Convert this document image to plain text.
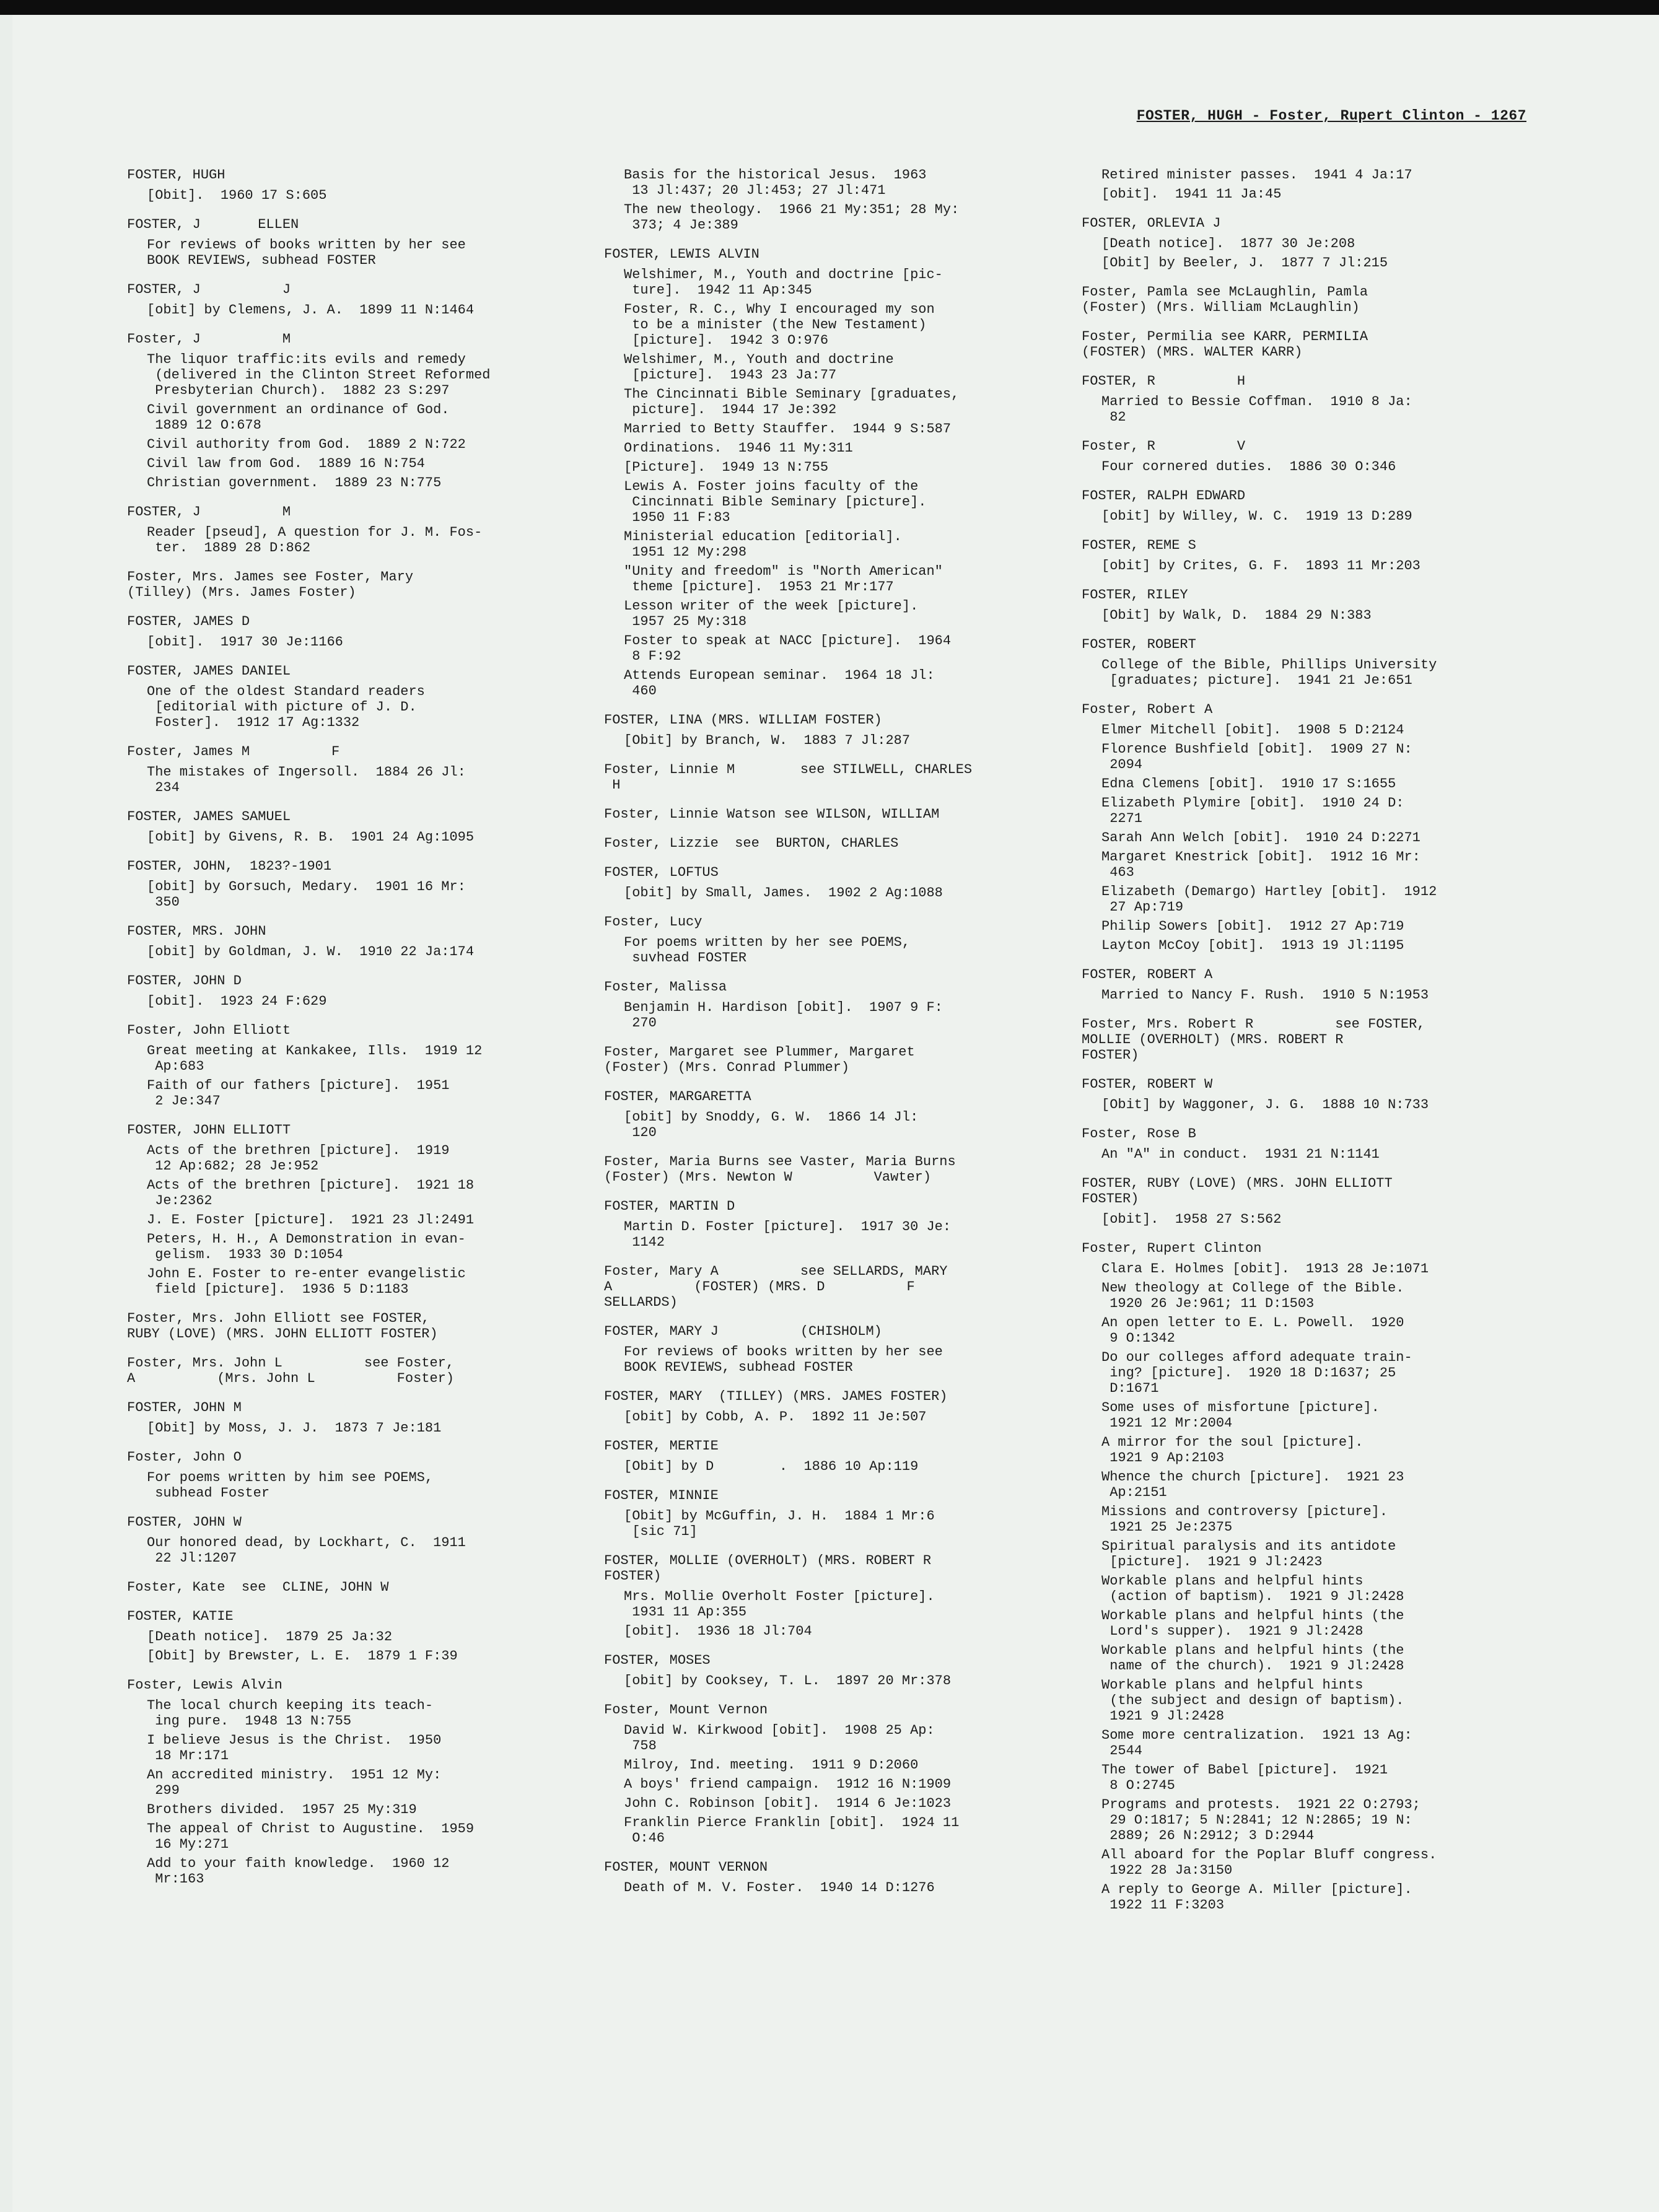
FOSTER, HUGH - Foster, Rupert Clinton - 1267
FOSTER, HUGH
[Obit].  1960 17 S:605
FOSTER, J       ELLEN
For reviews of books written by her see
BOOK REVIEWS, subhead FOSTER
FOSTER, J          J
[obit] by Clemens, J. A.  1899 11 N:1464
Foster, J          M
The liquor traffic:its evils and remedy
(delivered in the Clinton Street Reformed
Presbyterian Church).  1882 23 S:297
Civil government an ordinance of God.
1889 12 O:678
Civil authority from God.  1889 2 N:722
Civil law from God.  1889 16 N:754
Christian government.  1889 23 N:775
FOSTER, J          M
Reader [pseud], A question for J. M. Fos-
ter.  1889 28 D:862
Foster, Mrs. James see Foster, Mary
(Tilley) (Mrs. James Foster)
FOSTER, JAMES D
[obit].  1917 30 Je:1166
FOSTER, JAMES DANIEL
One of the oldest Standard readers
[editorial with picture of J. D.
Foster].  1912 17 Ag:1332
Foster, James M          F
The mistakes of Ingersoll.  1884 26 Jl:
234
FOSTER, JAMES SAMUEL
[obit] by Givens, R. B.  1901 24 Ag:1095
FOSTER, JOHN,  1823?-1901
[obit] by Gorsuch, Medary.  1901 16 Mr:
350
FOSTER, MRS. JOHN
[obit] by Goldman, J. W.  1910 22 Ja:174
FOSTER, JOHN D
[obit].  1923 24 F:629
Foster, John Elliott
Great meeting at Kankakee, Ills.  1919 12
Ap:683
Faith of our fathers [picture].  1951
2 Je:347
FOSTER, JOHN ELLIOTT
Acts of the brethren [picture].  1919
12 Ap:682; 28 Je:952
Acts of the brethren [picture].  1921 18
Je:2362
J. E. Foster [picture].  1921 23 Jl:2491
Peters, H. H., A Demonstration in evan-
gelism.  1933 30 D:1054
John E. Foster to re-enter evangelistic
field [picture].  1936 5 D:1183
Foster, Mrs. John Elliott see FOSTER,
RUBY (LOVE) (MRS. JOHN ELLIOTT FOSTER)
Foster, Mrs. John L          see Foster,
A          (Mrs. John L          Foster)
FOSTER, JOHN M
[Obit] by Moss, J. J.  1873 7 Je:181
Foster, John O
For poems written by him see POEMS,
subhead Foster
FOSTER, JOHN W
Our honored dead, by Lockhart, C.  1911
22 Jl:1207
Foster, Kate  see  CLINE, JOHN W
FOSTER, KATIE
[Death notice].  1879 25 Ja:32
[Obit] by Brewster, L. E.  1879 1 F:39
Foster, Lewis Alvin
The local church keeping its teach-
ing pure.  1948 13 N:755
I believe Jesus is the Christ.  1950
18 Mr:171
An accredited ministry.  1951 12 My:
299
Brothers divided.  1957 25 My:319
The appeal of Christ to Augustine.  1959
16 My:271
Add to your faith knowledge.  1960 12
Mr:163
Basis for the historical Jesus.  1963
13 Jl:437; 20 Jl:453; 27 Jl:471
The new theology.  1966 21 My:351; 28 My:
373; 4 Je:389
FOSTER, LEWIS ALVIN
Welshimer, M., Youth and doctrine [pic-
ture].  1942 11 Ap:345
Foster, R. C., Why I encouraged my son
to be a minister (the New Testament)
[picture].  1942 3 O:976
Welshimer, M., Youth and doctrine
[picture].  1943 23 Ja:77
The Cincinnati Bible Seminary [graduates,
picture].  1944 17 Je:392
Married to Betty Stauffer.  1944 9 S:587
Ordinations.  1946 11 My:311
[Picture].  1949 13 N:755
Lewis A. Foster joins faculty of the
Cincinnati Bible Seminary [picture].
1950 11 F:83
Ministerial education [editorial].
1951 12 My:298
"Unity and freedom" is "North American"
theme [picture].  1953 21 Mr:177
Lesson writer of the week [picture].
1957 25 My:318
Foster to speak at NACC [picture].  1964
8 F:92
Attends European seminar.  1964 18 Jl:
460
FOSTER, LINA (MRS. WILLIAM FOSTER)
[Obit] by Branch, W.  1883 7 Jl:287
Foster, Linnie M        see STILWELL, CHARLES
H
Foster, Linnie Watson see WILSON, WILLIAM
Foster, Lizzie  see  BURTON, CHARLES
FOSTER, LOFTUS
[obit] by Small, James.  1902 2 Ag:1088
Foster, Lucy
For poems written by her see POEMS,
suvhead FOSTER
Foster, Malissa
Benjamin H. Hardison [obit].  1907 9 F:
270
Foster, Margaret see Plummer, Margaret
(Foster) (Mrs. Conrad Plummer)
FOSTER, MARGARETTA
[obit] by Snoddy, G. W.  1866 14 Jl:
120
Foster, Maria Burns see Vaster, Maria Burns
(Foster) (Mrs. Newton W          Vawter)
FOSTER, MARTIN D
Martin D. Foster [picture].  1917 30 Je:
1142
Foster, Mary A          see SELLARDS, MARY
A          (FOSTER) (MRS. D          F
SELLARDS)
FOSTER, MARY J          (CHISHOLM)
For reviews of books written by her see
BOOK REVIEWS, subhead FOSTER
FOSTER, MARY  (TILLEY) (MRS. JAMES FOSTER)
[obit] by Cobb, A. P.  1892 11 Je:507
FOSTER, MERTIE
[Obit] by D        .  1886 10 Ap:119
FOSTER, MINNIE
[Obit] by McGuffin, J. H.  1884 1 Mr:6
[sic 71]
FOSTER, MOLLIE (OVERHOLT) (MRS. ROBERT R
FOSTER)
Mrs. Mollie Overholt Foster [picture].
1931 11 Ap:355
[obit].  1936 18 Jl:704
FOSTER, MOSES
[obit] by Cooksey, T. L.  1897 20 Mr:378
Foster, Mount Vernon
David W. Kirkwood [obit].  1908 25 Ap:
758
Milroy, Ind. meeting.  1911 9 D:2060
A boys' friend campaign.  1912 16 N:1909
John C. Robinson [obit].  1914 6 Je:1023
Franklin Pierce Franklin [obit].  1924 11
O:46
FOSTER, MOUNT VERNON
Death of M. V. Foster.  1940 14 D:1276
Retired minister passes.  1941 4 Ja:17
[obit].  1941 11 Ja:45
FOSTER, ORLEVIA J
[Death notice].  1877 30 Je:208
[Obit] by Beeler, J.  1877 7 Jl:215
Foster, Pamla see McLaughlin, Pamla
(Foster) (Mrs. William McLaughlin)
Foster, Permilia see KARR, PERMILIA
(FOSTER) (MRS. WALTER KARR)
FOSTER, R          H
Married to Bessie Coffman.  1910 8 Ja:
82
Foster, R          V
Four cornered duties.  1886 30 O:346
FOSTER, RALPH EDWARD
[obit] by Willey, W. C.  1919 13 D:289
FOSTER, REME S
[obit] by Crites, G. F.  1893 11 Mr:203
FOSTER, RILEY
[Obit] by Walk, D.  1884 29 N:383
FOSTER, ROBERT
College of the Bible, Phillips University
[graduates; picture].  1941 21 Je:651
Foster, Robert A
Elmer Mitchell [obit].  1908 5 D:2124
Florence Bushfield [obit].  1909 27 N:
2094
Edna Clemens [obit].  1910 17 S:1655
Elizabeth Plymire [obit].  1910 24 D:
2271
Sarah Ann Welch [obit].  1910 24 D:2271
Margaret Knestrick [obit].  1912 16 Mr:
463
Elizabeth (Demargo) Hartley [obit].  1912
27 Ap:719
Philip Sowers [obit].  1912 27 Ap:719
Layton McCoy [obit].  1913 19 Jl:1195
FOSTER, ROBERT A
Married to Nancy F. Rush.  1910 5 N:1953
Foster, Mrs. Robert R          see FOSTER,
MOLLIE (OVERHOLT) (MRS. ROBERT R
FOSTER)
FOSTER, ROBERT W
[Obit] by Waggoner, J. G.  1888 10 N:733
Foster, Rose B
An "A" in conduct.  1931 21 N:1141
FOSTER, RUBY (LOVE) (MRS. JOHN ELLIOTT
FOSTER)
[obit].  1958 27 S:562
Foster, Rupert Clinton
Clara E. Holmes [obit].  1913 28 Je:1071
New theology at College of the Bible.
1920 26 Je:961; 11 D:1503
An open letter to E. L. Powell.  1920
9 O:1342
Do our colleges afford adequate train-
ing? [picture].  1920 18 D:1637; 25
D:1671
Some uses of misfortune [picture].
1921 12 Mr:2004
A mirror for the soul [picture].
1921 9 Ap:2103
Whence the church [picture].  1921 23
Ap:2151
Missions and controversy [picture].
1921 25 Je:2375
Spiritual paralysis and its antidote
[picture].  1921 9 Jl:2423
Workable plans and helpful hints
(action of baptism).  1921 9 Jl:2428
Workable plans and helpful hints (the
Lord's supper).  1921 9 Jl:2428
Workable plans and helpful hints (the
name of the church).  1921 9 Jl:2428
Workable plans and helpful hints
(the subject and design of baptism).
1921 9 Jl:2428
Some more centralization.  1921 13 Ag:
2544
The tower of Babel [picture].  1921
8 O:2745
Programs and protests.  1921 22 O:2793;
29 O:1817; 5 N:2841; 12 N:2865; 19 N:
2889; 26 N:2912; 3 D:2944
All aboard for the Poplar Bluff congress.
1922 28 Ja:3150
A reply to George A. Miller [picture].
1922 11 F:3203
